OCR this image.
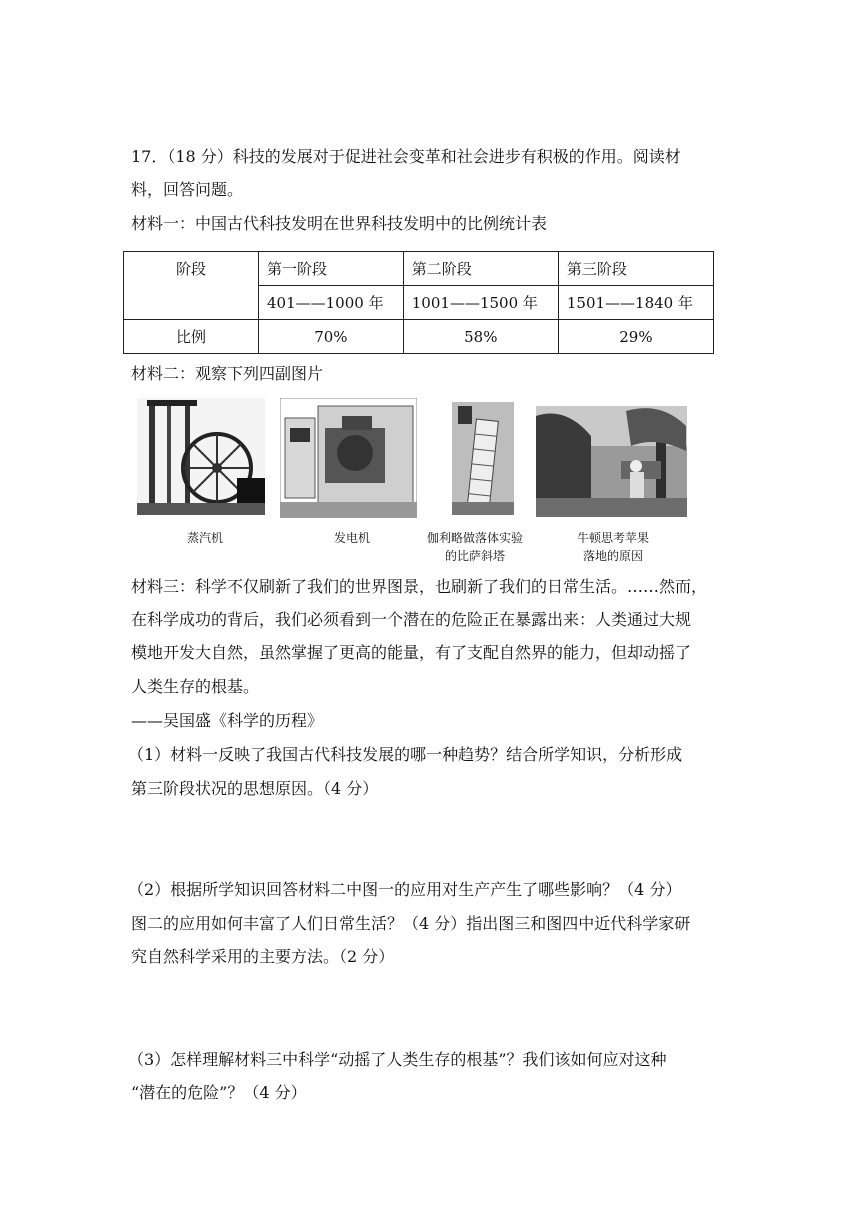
17．（18 分）科技的发展对于促进社会变革和社会进步有积极的作用。阅读材
料，回答问题。
材料一：中国古代科技发明在世界科技发明中的比例统计表
阶段	第一阶段	第二阶段	第三阶段
	401——1000 年	1001——1500 年	1501——1840 年
比例	70%	58%	29%
材料二：观察下列四副图片
蒸汽机	发电机	伽利略做落体实验
的比萨斜塔
牛顿思考苹果
落地的原因
材料三：科学不仅刷新了我们的世界图景，也刷新了我们的日常生活。……然而，
在科学成功的背后，我们必须看到一个潜在的危险正在暴露出来：人类通过大规
模地开发大自然，虽然掌握了更高的能量，有了支配自然界的能力，但却动摇了
人类生存的根基。
——吴国盛《科学的历程》
（1）材料一反映了我国古代科技发展的哪一种趋势？结合所学知识，分析形成
第三阶段状况的思想原因。（4 分）
（2）根据所学知识回答材料二中图一的应用对生产产生了哪些影响？（4 分）
图二的应用如何丰富了人们日常生活？（4 分）指出图三和图四中近代科学家研
究自然科学采用的主要方法。（2 分）
（3）怎样理解材料三中科学“动摇了人类生存的根基”？我们该如何应对这种
“潜在的危险”？（4 分）
